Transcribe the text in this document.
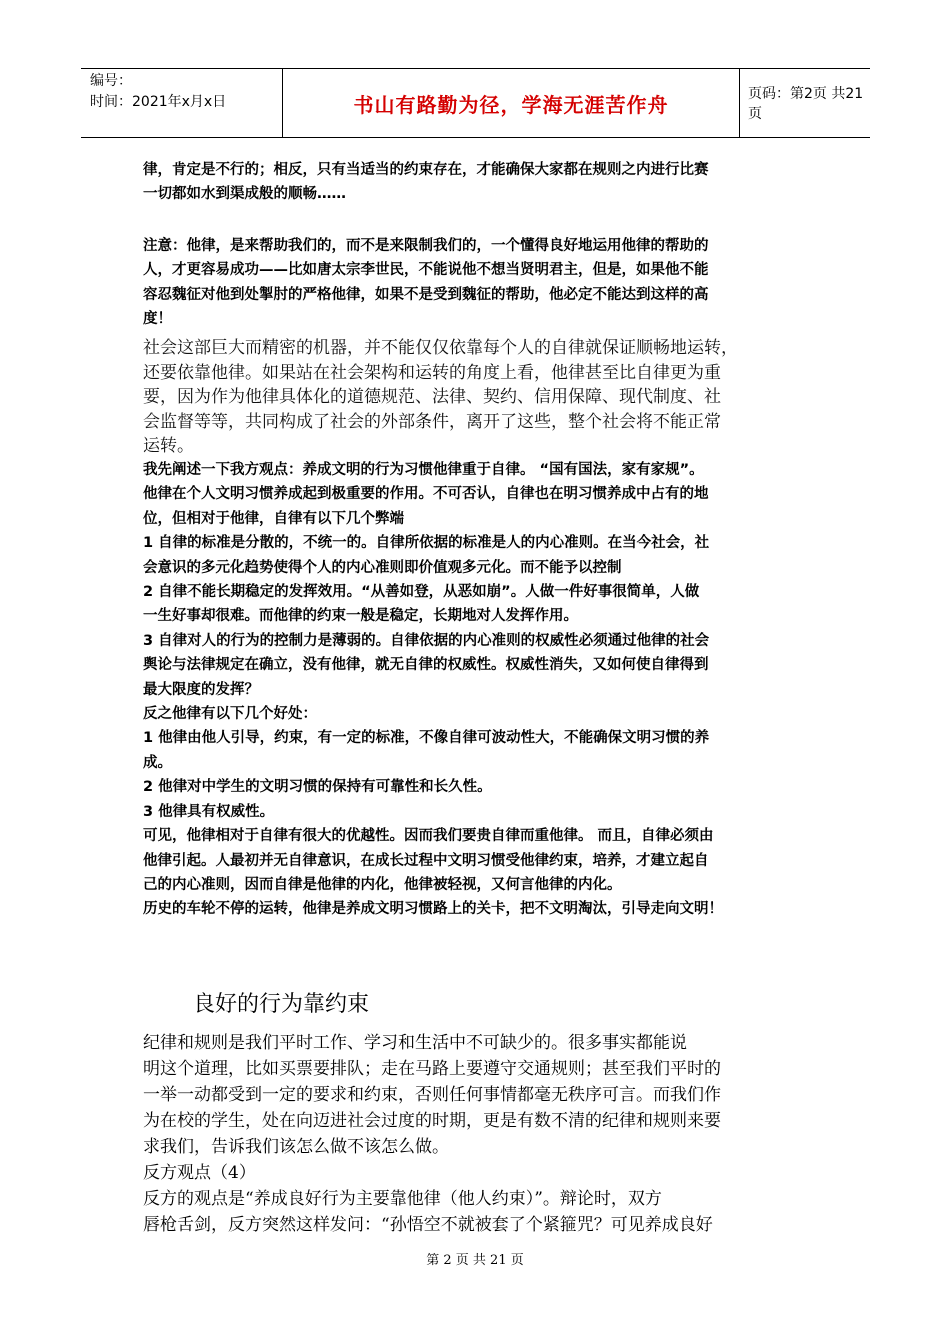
编号：
时间：2021年x月x日	书山有路勤为径，学海无涯苦作舟	页码：第2页 共21页
律，肯定是不行的；相反，只有当适当的约束存在，才能确保大家都在规则之内进行比赛
一切都如水到渠成般的顺畅……
注意：他律，是来帮助我们的，而不是来限制我们的，一个懂得良好地运用他律的帮助的
人，才更容易成功——比如唐太宗李世民，不能说他不想当贤明君主，但是，如果他不能
容忍魏征对他到处掣肘的严格他律，如果不是受到魏征的帮助，他必定不能达到这样的高
度！
社会这部巨大而精密的机器，并不能仅仅依靠每个人的自律就保证顺畅地运转，
还要依靠他律。如果站在社会架构和运转的角度上看，他律甚至比自律更为重
要，因为作为他律具体化的道德规范、法律、契约、信用保障、现代制度、社
会监督等等，共同构成了社会的外部条件，离开了这些，整个社会将不能正常
运转。
我先阐述一下我方观点：养成文明的行为习惯他律重于自律。 “国有国法，家有家规”。
他律在个人文明习惯养成起到极重要的作用。不可否认，自律也在明习惯养成中占有的地
位，但相对于他律，自律有以下几个弊端
1 自律的标准是分散的，不统一的。自律所依据的标准是人的内心准则。在当今社会，社
会意识的多元化趋势使得个人的内心准则即价值观多元化。而不能予以控制
2 自律不能长期稳定的发挥效用。“从善如登，从恶如崩”。人做一件好事很简单，人做
一生好事却很难。而他律的约束一般是稳定，长期地对人发挥作用。
3 自律对人的行为的控制力是薄弱的。自律依据的内心准则的权威性必须通过他律的社会
舆论与法律规定在确立，没有他律，就无自律的权威性。权威性消失，又如何使自律得到
最大限度的发挥？
反之他律有以下几个好处：
1 他律由他人引导，约束，有一定的标准，不像自律可波动性大，不能确保文明习惯的养
成。
2 他律对中学生的文明习惯的保持有可靠性和长久性。
3 他律具有权威性。
可见，他律相对于自律有很大的优越性。因而我们要贵自律而重他律。 而且，自律必须由
他律引起。人最初并无自律意识，在成长过程中文明习惯受他律约束，培养，才建立起自
己的内心准则，因而自律是他律的内化，他律被轻视，又何言他律的内化。
历史的车轮不停的运转，他律是养成文明习惯路上的关卡，把不文明淘汰，引导走向文明！
良好的行为靠约束
纪律和规则是我们平时工作、学习和生活中不可缺少的。很多事实都能说
明这个道理，比如买票要排队；走在马路上要遵守交通规则；甚至我们平时的
一举一动都受到一定的要求和约束，否则任何事情都毫无秩序可言。而我们作
为在校的学生，处在向迈进社会过度的时期，更是有数不清的纪律和规则来要
求我们，告诉我们该怎么做不该怎么做。
反方观点（4）
反方的观点是“养成良好行为主要靠他律（他人约束）”。辩论时，双方
唇枪舌剑，反方突然这样发问：“孙悟空不就被套了个紧箍咒？可见养成良好
第 2 页 共 21 页
